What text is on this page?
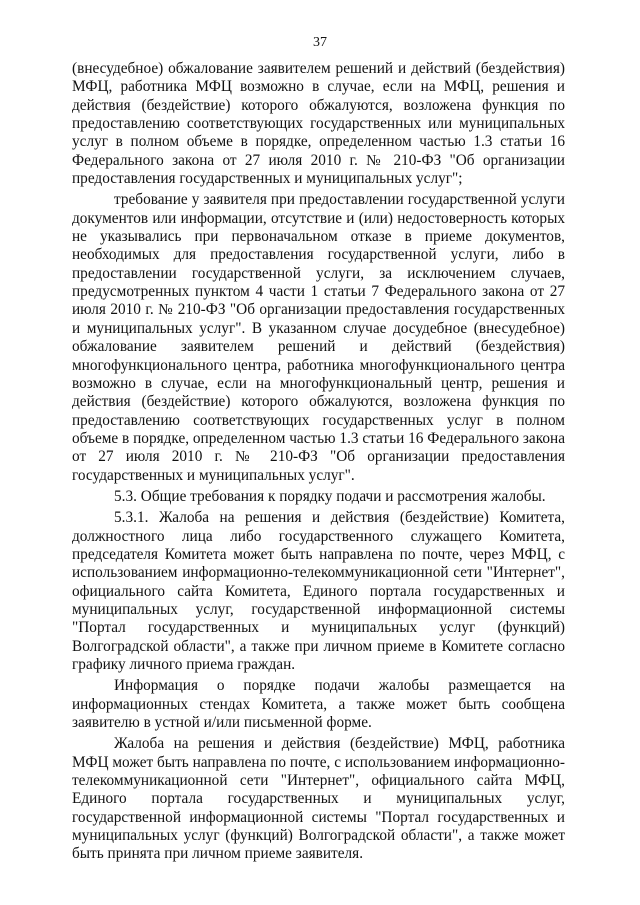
37

(внесудебное) обжалование заявителем решений и действий (бездействия) МФЦ, работника МФЦ возможно в случае, если на МФЦ, решения и действия (бездействие) которого обжалуются, возложена функция по предоставлению соответствующих государственных или муниципальных услуг в полном объеме в порядке, определенном частью 1.3 статьи 16 Федерального закона от 27 июля 2010 г. № 210-ФЗ "Об организации предоставления государственных и муниципальных услуг";

требование у заявителя при предоставлении государственной услуги документов или информации, отсутствие и (или) недостоверность которых не указывались при первоначальном отказе в приеме документов, необходимых для предоставления государственной услуги, либо в предоставлении государственной услуги, за исключением случаев, предусмотренных пунктом 4 части 1 статьи 7 Федерального закона от 27 июля 2010 г. № 210-ФЗ "Об организации предоставления государственных и муниципальных услуг". В указанном случае досудебное (внесудебное) обжалование заявителем решений и действий (бездействия) многофункционального центра, работника многофункционального центра возможно в случае, если на многофункциональный центр, решения и действия (бездействие) которого обжалуются, возложена функция по предоставлению соответствующих государственных услуг в полном объеме в порядке, определенном частью 1.3 статьи 16 Федерального закона от 27 июля 2010 г. № 210-ФЗ "Об организации предоставления государственных и муниципальных услуг".

5.3. Общие требования к порядку подачи и рассмотрения жалобы.

5.3.1. Жалоба на решения и действия (бездействие) Комитета, должностного лица либо государственного служащего Комитета, председателя Комитета может быть направлена по почте, через МФЦ, с использованием информационно-телекоммуникационной сети "Интернет", официального сайта Комитета, Единого портала государственных и муниципальных услуг, государственной информационной системы "Портал государственных и муниципальных услуг (функций) Волгоградской области", а также при личном приеме в Комитете согласно графику личного приема граждан.

Информация о порядке подачи жалобы размещается на информационных стендах Комитета, а также может быть сообщена заявителю в устной и/или письменной форме.

Жалоба на решения и действия (бездействие) МФЦ, работника МФЦ может быть направлена по почте, с использованием информационно-телекоммуникационной сети "Интернет", официального сайта МФЦ, Единого портала государственных и муниципальных услуг, государственной информационной системы "Портал государственных и муниципальных услуг (функций) Волгоградской области", а также может быть принята при личном приеме заявителя.
